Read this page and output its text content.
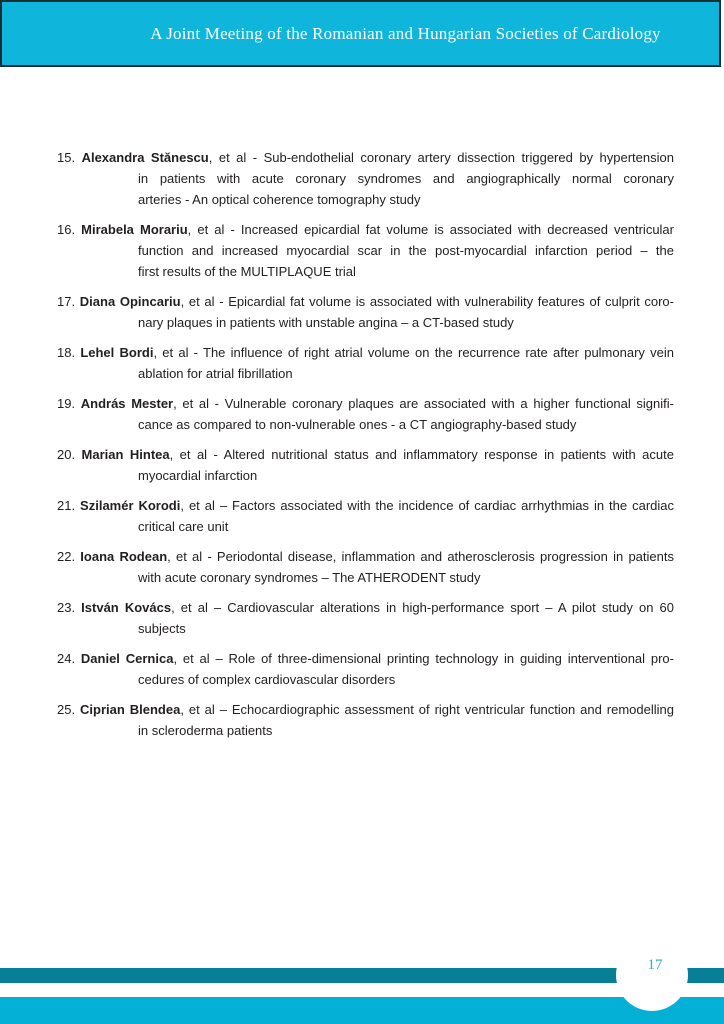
A Joint Meeting of the Romanian and Hungarian Societies of Cardiology
15. Alexandra Stănescu, et al - Sub-endothelial coronary artery dissection triggered by hypertension
in patients with acute coronary syndromes and angiographically normal coronary
arteries - An optical coherence tomography study
16. Mirabela Morariu, et al - Increased epicardial fat volume is associated with decreased ventricular
function and increased myocardial scar in the post-myocardial infarction period – the
first results of the MULTIPLAQUE trial
17. Diana Opincariu, et al - Epicardial fat volume is associated with vulnerability features of culprit coro-
nary plaques in patients with unstable angina – a CT-based study
18. Lehel Bordi, et al - The influence of right atrial volume on the recurrence rate after pulmonary vein
ablation for atrial fibrillation
19. András Mester, et al - Vulnerable coronary plaques are associated with a higher functional signifi-
cance as compared to non-vulnerable ones - a CT angiography-based study
20. Marian Hintea, et al - Altered nutritional status and inflammatory response in patients with acute
myocardial infarction
21. Szilamér Korodi, et al – Factors associated with the incidence of cardiac arrhythmias in the cardiac
critical care unit
22. Ioana Rodean, et al - Periodontal disease, inflammation and atherosclerosis progression in patients
with acute coronary syndromes – The ATHERODENT study
23. István Kovács, et al – Cardiovascular alterations in high-performance sport – A pilot study on 60
subjects
24. Daniel Cernica, et al – Role of three-dimensional printing technology in guiding interventional pro-
cedures of complex cardiovascular disorders
25. Ciprian Blendea, et al – Echocardiographic assessment of right ventricular function and remodelling
in scleroderma patients
17
